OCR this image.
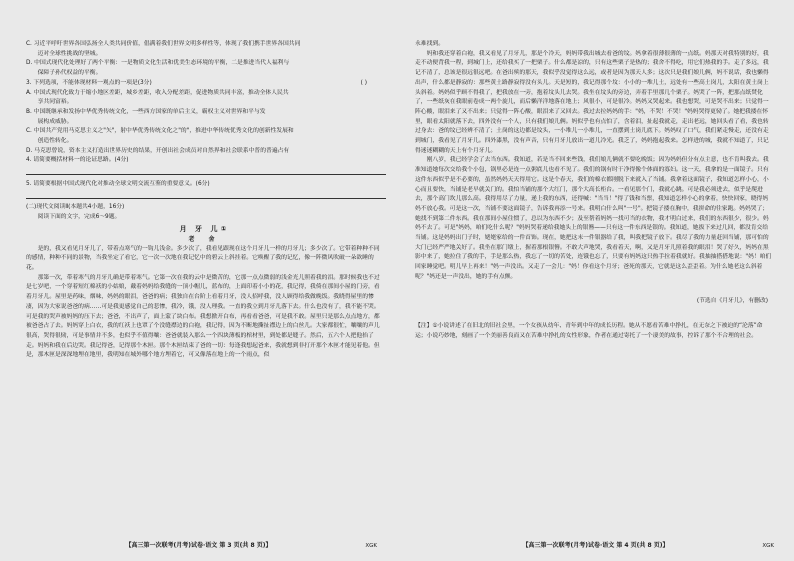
C. 习近平呼吁世界各国弘扬全人类共同价值，倡满着我们世界文明多样性等，体现了我们携手世界各国共同

迈对全球性挑战的坚城。

D. 中国式现代化处理好了两个平衡：一是物质文化生活和优美生态环境的平衡，二是推进当代人福利与

保障子孙代权益的平衡。

( )
3. 下列选项，不能体现材料一观点的一项是(3分)

A. 中国式现代化致力于缩小地区差距，城乡差距，收入分配差距，促进物质共同丰富，推动全体人民共

享共同富裕。

B. 中国既继承和发扬中华优秀传统文化，一些西方国家的单后主义，霸权主义对世界和平与发

展构成威胁。

C. 中国共产党用马克思主义之"矢"，射中华优秀传统文化之"的"，推进中华传统优秀文化的创新性发展和

创造性转化。

D. 马克思曾说，资本主义打造出世界历史的结果，开创出社会成员对自然界和社会联系中普的普遍占有

4. 请简要概括材料一的论证思路。(4分)

5. 请简要根据中国式现代化对推动全球文明交流互鉴的重要意义。(6分)

(二)现代文阅读Ⅱ(本题共4小题，16分)

阅读下面的文字，完成6～9题。

月 牙 儿①

老 舍

是的，我又看见月牙儿了，带着点寒气的一钩儿浅金。多少次了，我看见跟现在这个月牙儿一样的月牙儿；多少次了。它带着种种不同的感情，种种不同的景物，当我坐定了看它，它一次一次地在我记忆中的碧云上斜挂着。它唤醒了我的记忆，像一阵微风吹破一朵欲睡的花。

那第一次，带着寒气的月牙儿确是带着寒气。它第一次在我的云中是微苦的，它那一点点微弱的浅金光儿照着我的泪。那时候我也不过是七岁吧，一个穿着短红棉袄的小姑娘，戴着妈妈给我缝的一顶小帽儿，蓝布的，上面印着小小的花，我记得，我倚在那间小屋的门旁，看着月牙儿。屋里是药味，烟味，妈妈的眼泪，爸爸的病；我独自在台阶上看着月牙，没人招呼我，没人顾得给我做晚饭。我晓得屋里的惨凄，因为大家说爸爸的病……可是我更感觉自己的悲惨，我冷，饿，没人理我。一直的我立到月牙儿落下去。什么也没有了，我不能不哭。可是我的哭声被妈妈的压下去；爸爸，不出声了，面上蒙了块白布。我想掀开白布，再看看爸爸，可是我不敢。屋里只是那么点点地方，都被爸爸占了去。妈妈穿上白衣，我的红袄上也罩了个没缝襟边的白袍，我记得，因为不断地撕扯襟边上的白丝儿。大家都很忙，嚷嚷的声儿很高，哭得很恸，可是事情并不多，也似乎不值得嚷：爸爸就装入那么一个四块薄板的棺材里，到处都是缝子。然后，五六个人把他抬了走。妈妈和我在后边哭。我记得爸，记得那个木匣。那个木匣结束了爸的一切：每逢我想起爸来，我就想到非打开那个木匣才能见着他。但是，那木匣是深深地埋在地里，我明知在城外哪个地方埋着它，可又像落在地上的一个雨点，似

【高三第一次联考(月考)试卷·语文 第 3 页(共 8 页)】	XGK

永难找到。

妈和我还穿着白袍，我又看见了月牙儿，那是个冷天，妈妈带我出城去看爸的坟。妈拿着很薄很薄的一点纸。妈那天对我特别的好，我走不动便背我一程，到城门上，还给我买了一把栗子。什么都是凉的，只有这些栗子是热的；我舍不得吃，用它们热我的手。走了多远，我记不清了，总该是很远很远吧。在爸出殡的那天，我似乎没觉得这么远，或者是因为那天人多；这次只是我们娘儿俩，妈不说话，我也懒得出声，什么都是静寂的：那些黄土路静寂得没有头儿。天是短的，我记得那个坟：小小的一堆儿土，远处有一些高土岗儿，太阳在黄土岗上头斜着。妈妈似乎顾不得我了，把我放在一旁，抱着坟头儿去哭。我坐在坟头的旁边，弄着手里那几个栗子。妈哭了一阵，把那点纸焚化了，一些纸灰在我眼前卷成一两个旋儿，而后懒洋洋地落在地上；风很小，可是很冷。妈妈又哭起来。我也想哭，可是哭不出来；只觉得一阵心酸，眼泪来了又不出来；只觉得一阵心酸，眼泪来了又回去。我过去拉妈妈的手："妈，不哭！不哭！"妈妈哭得更恸了。她把我搂在怀里，眼看太阳就落下去，四外没有一个人，只有我们娘儿俩。妈似乎也有点怕了，含着泪，扯起我就走，走出老远，她回头看了看，我也转过身去：爸的坟已经辨不清了；土岗的这边都是坟头，一小堆儿一小堆儿，一直摆到土岗儿底下。妈妈叹了口气，我们紧走慢走，还没有走到城门，我看见了月牙儿。四外漆黑，没有声音，只有月牙儿放出一道儿冷光。我乏了，妈妈抱起我来。怎样进的城，我就不知道了，只记得迷迷糊糊的天上有个月牙儿。

刚八岁，我已经学会了去当东西。我知道，若是当不回来些钱，我们娘儿俩就不要吃晚饭；因为妈妈但分有点主意，也不肯叫我去。我准知道她每次交给我个小包，锅里必是连一点粥底儿也看不见了。我们的锅有时干净得像个体面的寡妇。这一天，我拿的是一面镜子。只有这件东西似乎是不必要的，虽然妈妈天天得用它。这是个春天，我们的棉衣都刚脱下来就入了当铺。我拿着这面镜子，我知道怎样小心，小心而且要快，当铺是老早就关门的。我怕当铺的那个大红门，那个大高长柜台。一看见那个门，我就心跳。可是我必须进去，似乎是爬进去，那个高门坎儿那么高。我得用尽了力量，递上我的东西，还得喊："当当！"得了钱和当票，我知道怎样小心的拿着，快快回家，晓得妈妈不放心我。可是这一次，当铺不要这面镜子，告诉我再添一号来。我明白什么叫"一号"。把镜子搂在胸中，我拼命的往家跑。妈妈哭了；她找不到第二件东西。我在那间小屋住惯了，总以为东西不少；及至帮着妈妈一找可当的衣物，我才明白过来，我们的东西很少，很少。妈妈不去了。可是"妈妈，咱们吃什么呢？"妈妈哭着递给我她头上的银簪——只有这一件东西是银的。我知道，她拔下来过几回，都没肯交给当铺。这是妈妈出门子时，姥姥家给的一件首饰。现在，她把这末一件银器给了我，叫我把镜子放下。我尽了我的力量赶回当铺，那可怕的大门已经严严地关好了。我坐在那门墩上，握着那根银簪。不敢大声地哭，我看着天，啊，又是月牙儿照着我的眼泪！哭了好久，妈妈在黑影中来了，她拉住了我的手，手是那么热，我忘了一切的苦处，连饿也忘了，只要有妈妈这只热手拉着我就好。我抽抽搭搭地说："妈！咱们回家睡觉吧。明儿早上再来！"妈一声没出。又走了一会儿："妈！你看这个月牙；爸死的那天，它就是这么歪歪着。为什么她老这么斜着呢？"妈还是一声没出，她的手有点颤。

(节选自《月牙儿》，有删改)

【注】①小说讲述了在旧北的旧社会里，一个女孩从幼年、青年到中年的成长历程。她从不愿看苦难中挣扎，在无奈之下被迫的“沦落”命运；小说巧妙地，刻画了一个美丽善良而又在苦难中挣扎的女性形象，作者在通过寄托了一个凄美的故事，控诉了那个不合理的社会。

【高三第一次联考(月考)试卷·语文 第 4 页(共 8 页)】	XGK
